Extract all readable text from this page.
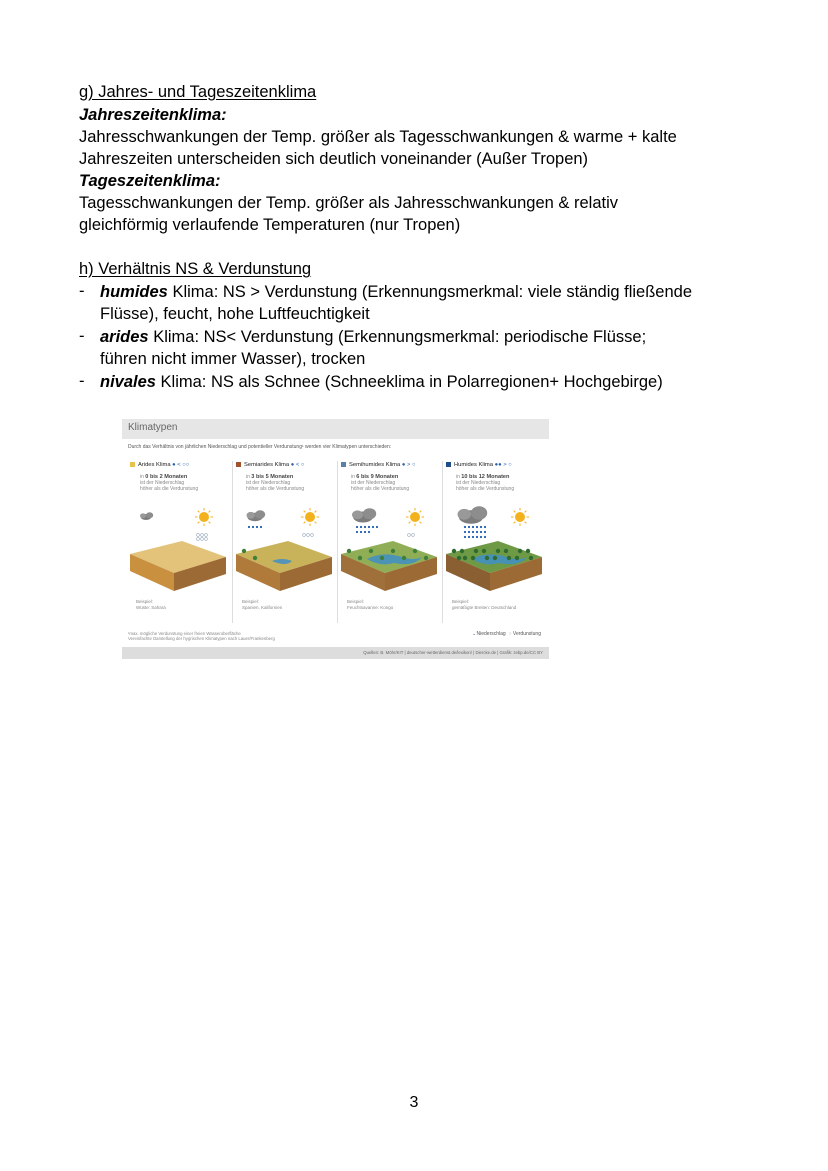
g) Jahres- und Tageszeitenklima
Jahreszeitenklima:
Jahresschwankungen der Temp. größer als Tagesschwankungen & warme + kalte
Jahreszeiten unterscheiden sich deutlich voneinander (Außer Tropen)
Tageszeitenklima:
Tagesschwankungen der Temp. größer als Jahresschwankungen & relativ
gleichförmig verlaufende Temperaturen (nur Tropen)
h) Verhältnis NS & Verdunstung
- humides Klima: NS > Verdunstung (Erkennungsmerkmal: viele ständig fließende
Flüsse), feucht, hohe Luftfeuchtigkeit
- arides Klima: NS< Verdunstung (Erkennungsmerkmal: periodische Flüsse;
führen nicht immer Wasser), trocken
- nivales Klima: NS als Schnee (Schneeklima in Polarregionen+ Hochgebirge)
Klimatypen
Durch das Verhältnis von jährlichen Niederschlag und potentieller Verdunstung¹ werden vier Klimatypen unterschieden:
Arides Klima ● < ○○
in 0 bis 2 Monaten
ist der Niederschlag
höher als die Verdunstung
Beispiel:
Wüste: Sahara
Semiarides Klima ● < ○
in 3 bis 5 Monaten
ist der Niederschlag
höher als die Verdunstung
Beispiel:
Spanien, Kalifornien
Semihumides Klima ● > ○
in 6 bis 9 Monaten
ist der Niederschlag
höher als die Verdunstung
Beispiel:
Feuchtsavanne: Kongo
Humides Klima ●● > ○
in 10 bis 12 Monaten
ist der Niederschlag
höher als die Verdunstung
Beispiel:
gemäßigte Breiten: Deutschland
¹max. mögliche Verdunstung einer freien Wasseroberfläche
Vereinfachte Darstellung der hygrischen Klimatypen nach Lauer/Frankenberg
💧︎ Niederschlag ○ Verdunstung
Quellen: B. Möhr/KIT | deutscher-wetterdienst.de/lexikon/ | Diercke.de | Grafik: zebp.de/CC BY
3
